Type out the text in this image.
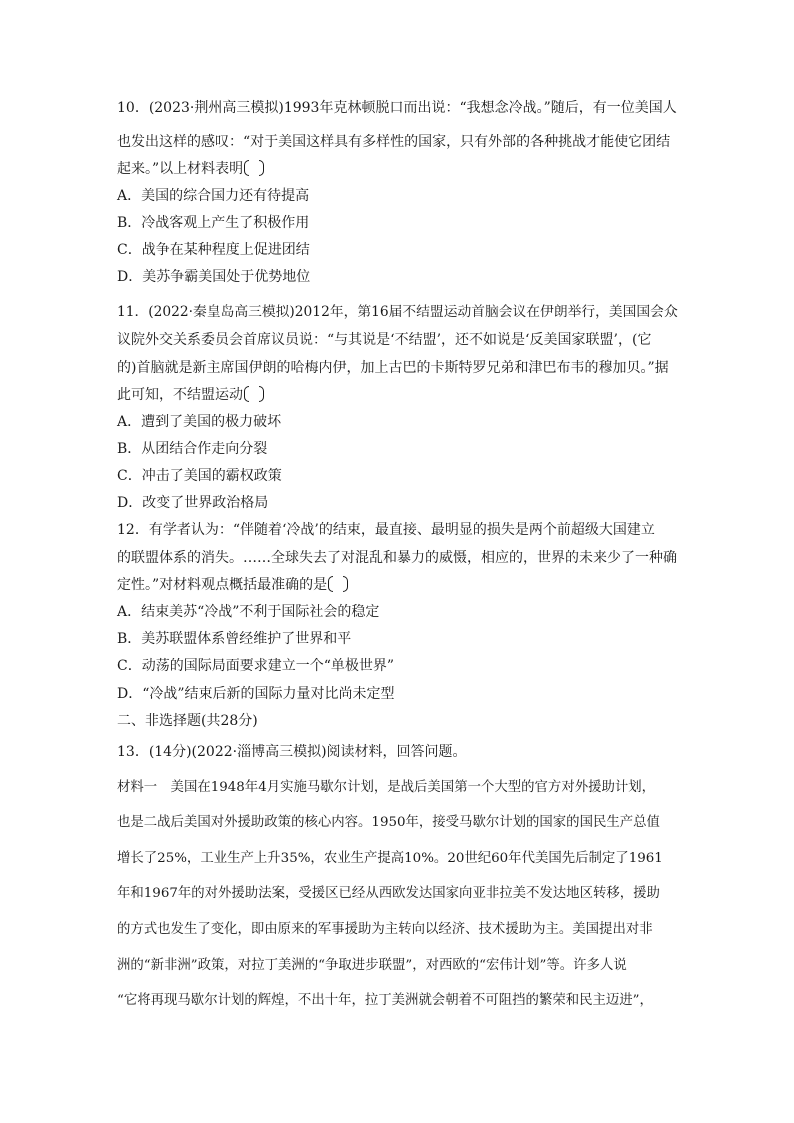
10．(2023·荆州高三模拟)1993年克林顿脱口而出说：“我想念冷战。”随后，有一位美国人
也发出这样的感叹：“对于美国这样具有多样性的国家，只有外部的各种挑战才能使它团结
起来。”以上材料表明
A．美国的综合国力还有待提高
B．冷战客观上产生了积极作用
C．战争在某种程度上促进团结
D．美苏争霸美国处于优势地位
11．(2022·秦皇岛高三模拟)2012年，第16届不结盟运动首脑会议在伊朗举行，美国国会众
议院外交关系委员会首席议员说：“与其说是‘不结盟’，还不如说是‘反美国家联盟’，(它
的)首脑就是新主席国伊朗的哈梅内伊，加上古巴的卡斯特罗兄弟和津巴布韦的穆加贝。”据
此可知，不结盟运动
A．遭到了美国的极力破坏
B．从团结合作走向分裂
C．冲击了美国的霸权政策
D．改变了世界政治格局
12．有学者认为：“伴随着‘冷战’的结束，最直接、最明显的损失是两个前超级大国建立
的联盟体系的消失。……全球失去了对混乱和暴力的威慑，相应的，世界的未来少了一种确
定性。”对材料观点概括最准确的是
A．结束美苏“冷战”不利于国际社会的稳定
B．美苏联盟体系曾经维护了世界和平
C．动荡的国际局面要求建立一个“单极世界”
D．“冷战”结束后新的国际力量对比尚未定型
二、非选择题(共28分)
13．(14分)(2022·淄博高三模拟)阅读材料，回答问题。
材料一　美国在1948年4月实施马歇尔计划，是战后美国第一个大型的官方对外援助计划，
也是二战后美国对外援助政策的核心内容。1950年，接受马歇尔计划的国家的国民生产总值
增长了25%，工业生产上升35%，农业生产提高10%。20世纪60年代美国先后制定了1961
年和1967年的对外援助法案，受援区已经从西欧发达国家向亚非拉美不发达地区转移，援助
的方式也发生了变化，即由原来的军事援助为主转向以经济、技术援助为主。美国提出对非
洲的“新非洲”政策，对拉丁美洲的“争取进步联盟”，对西欧的“宏伟计划”等。许多人说
“它将再现马歇尔计划的辉煌，不出十年，拉丁美洲就会朝着不可阻挡的繁荣和民主迈进”，
